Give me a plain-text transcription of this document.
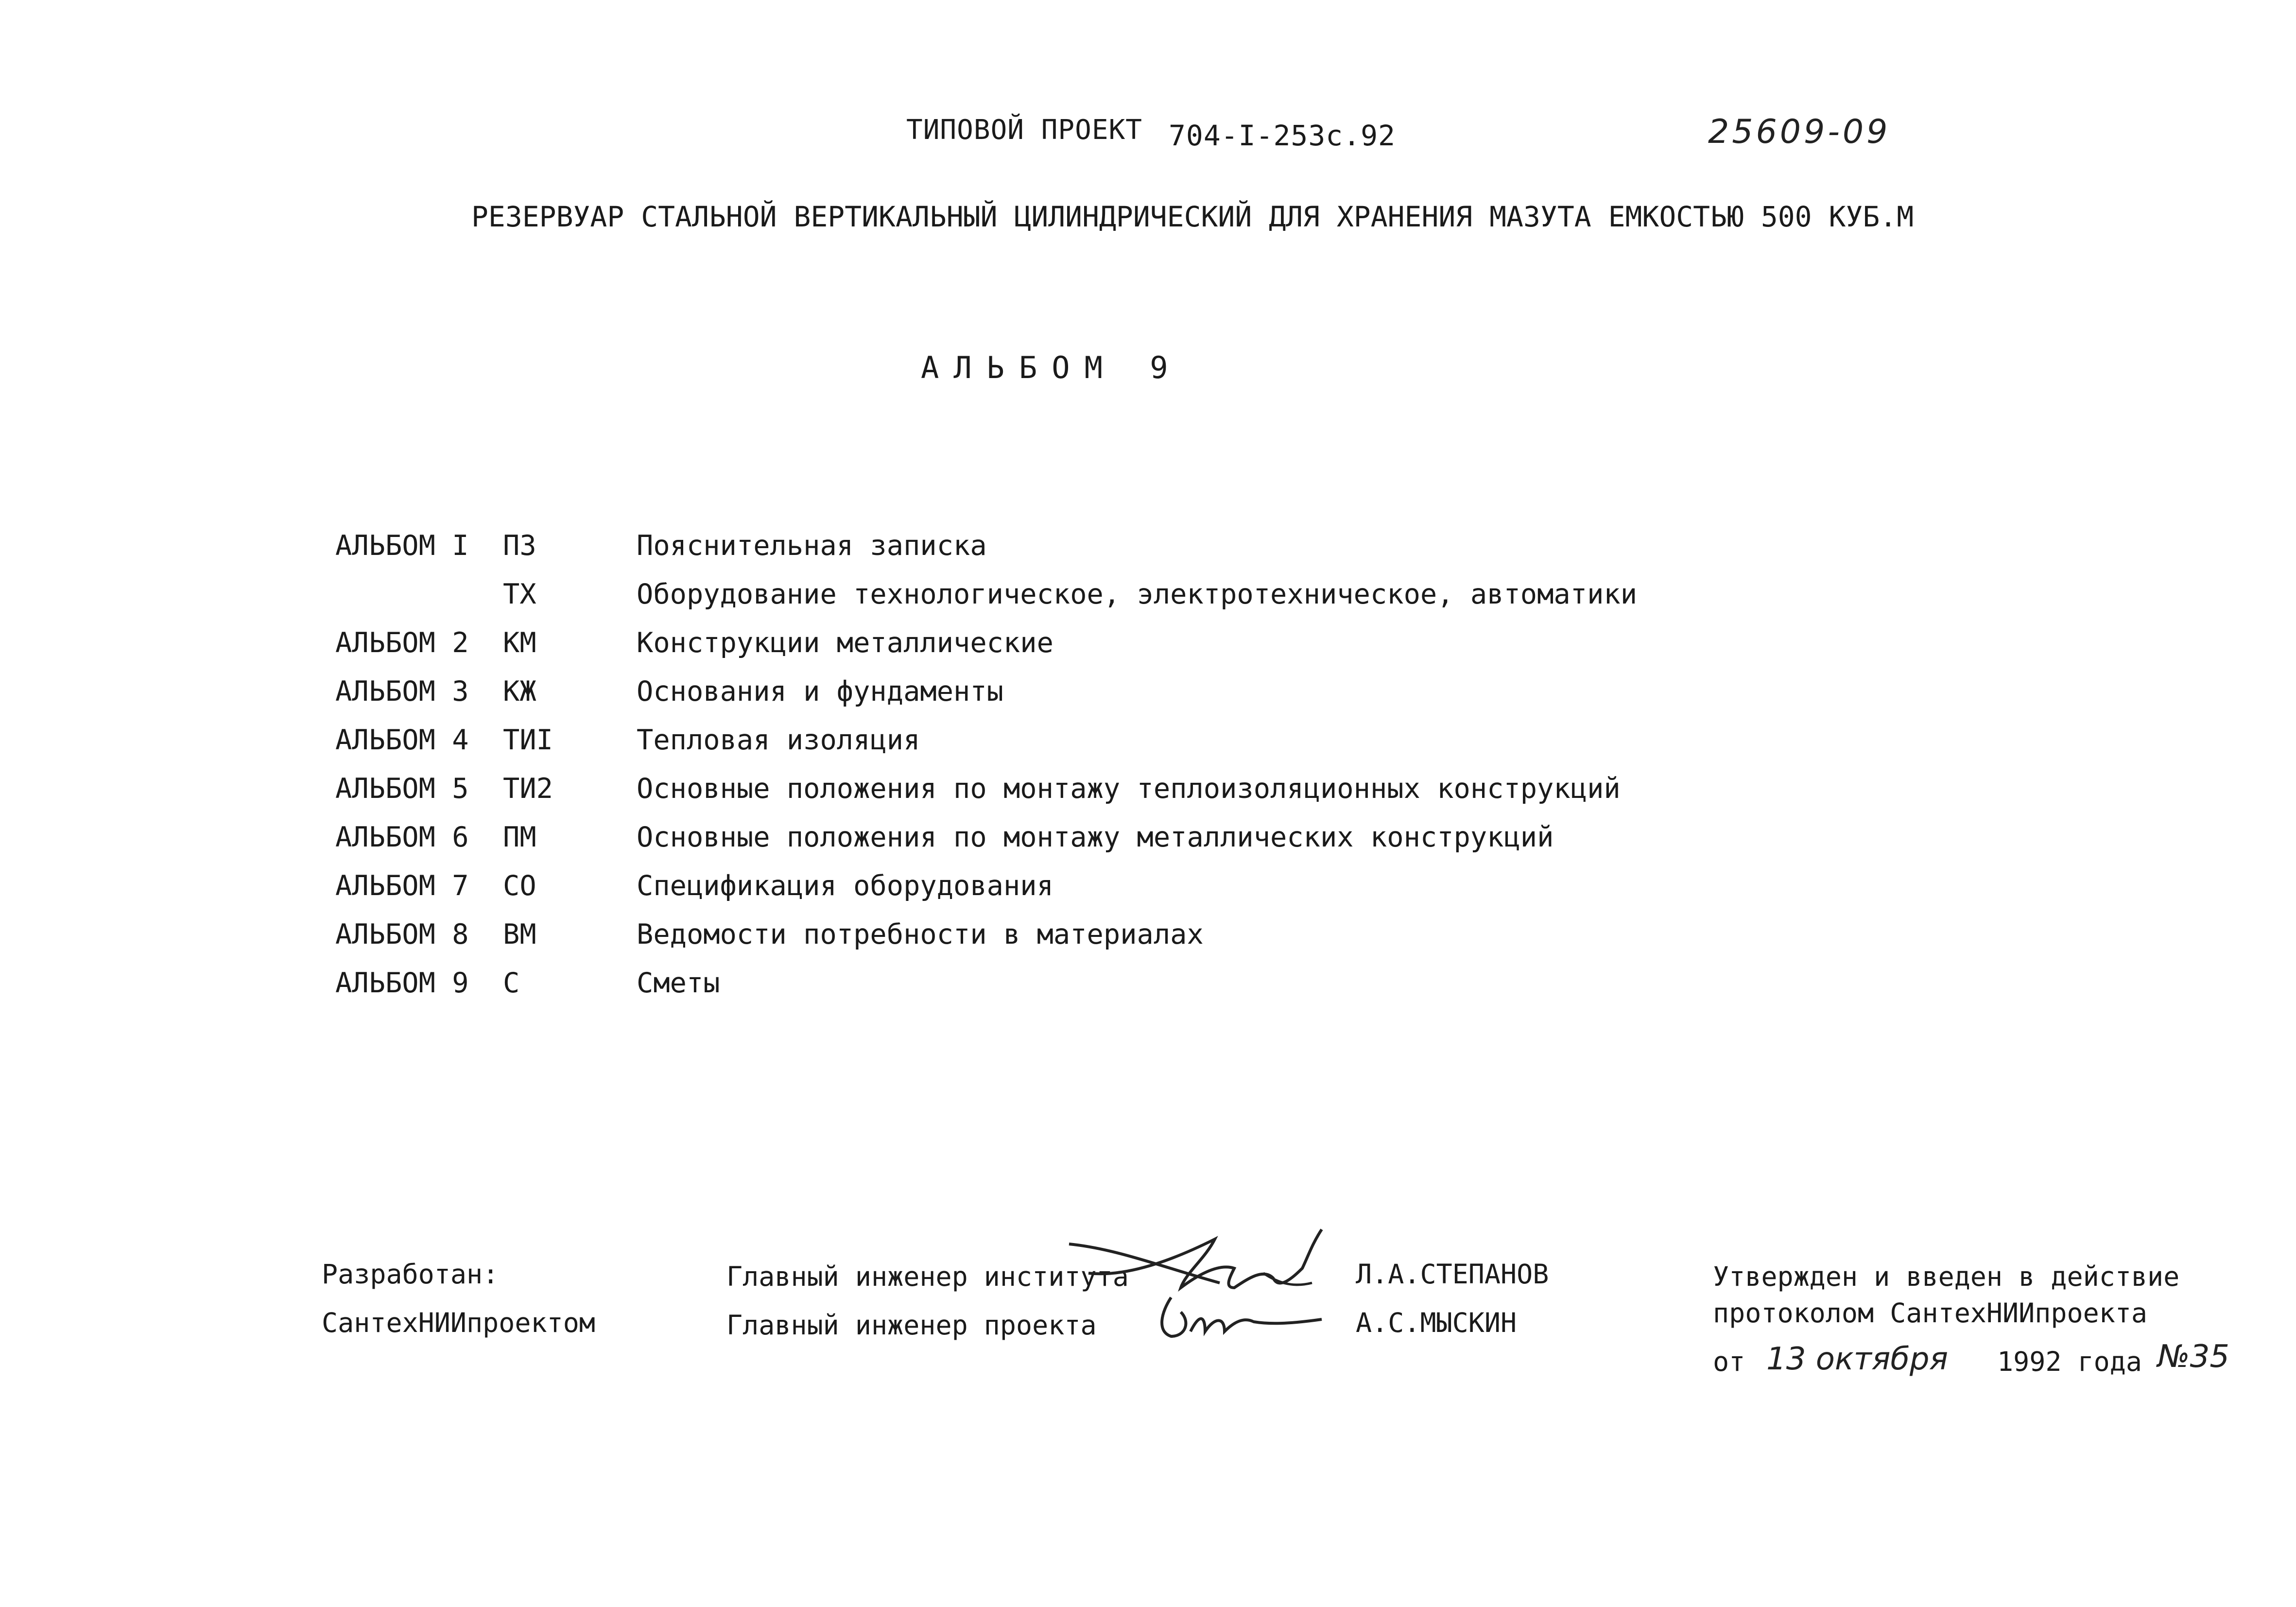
ТИПОВОЙ ПРОЕКТ 704-I-253с.92	25609-09
РЕЗЕРВУАР СТАЛЬНОЙ ВЕРТИКАЛЬНЫЙ ЦИЛИНДРИЧЕСКИЙ ДЛЯ ХРАНЕНИЯ МАЗУТА ЕМКОСТЬЮ 500 КУБ.М
АЛЬБОМ 9
АЛЬБОМ I ПЗ	Пояснительная записка
ТХ	Оборудование технологическое, электротехническое, автоматики
АЛЬБОМ 2 КМ	Конструкции металлические
АЛЬБОМ 3 КЖ	Основания и фундаменты
АЛЬБОМ 4 ТИI	Тепловая изоляция
АЛЬБОМ 5 ТИ2	Основные положения по монтажу теплоизоляционных конструкций
АЛЬБОМ 6 ПМ	Основные положения по монтажу металлических конструкций
АЛЬБОМ 7 СО	Спецификация оборудования
АЛЬБОМ 8 ВМ	Ведомости потребности в материалах
АЛЬБОМ 9 С	Сметы
Разработан:
СантехНИИпроектом
Главный инженер института
Главный инженер проекта
Л.А.СТЕПАНОВ
А.С.МЫСКИН
Утвержден и введен в действие
протоколом СантехНИИпроекта
от 13 октября 1992 года №35
